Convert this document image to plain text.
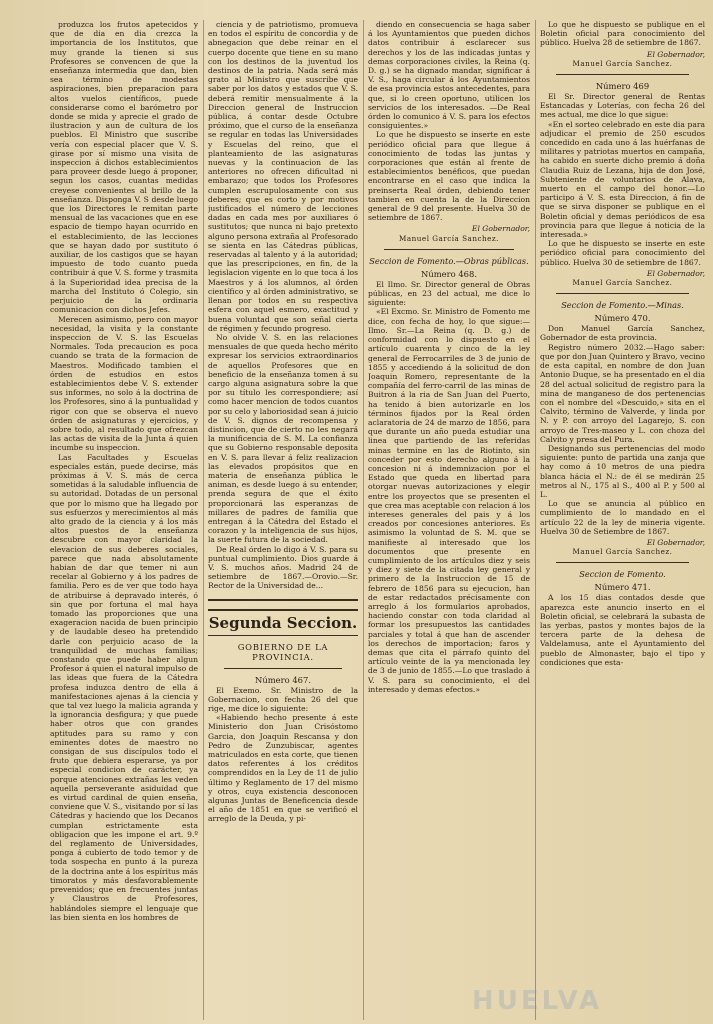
produzca los frutos apetecidos y que de dia en dia crezca la importancia de los Institutos, que muy grande la tienen si sus Profesores se convencen de que la enseñanza intermedia que dan, bien sea término de modestas aspiraciones, bien preparacion para altos vuelos científicos, puede considerarse como el barómetro por donde se mida y aprecie el grado de ilustracion y aun de cultura de los pueblos. El Ministro que suscribe vería con especial placer que V. S. girase por sí mismo una visita de inspeccion á dichos establecimientos para proveer desde luego á proponer, segun los casos, cuantas medidas creyese convenientes al brillo de la enseñanza. Disponga V. S desde luego que los Directores le remitan parte mensual de las vacaciones que en ese espacio de tiempo hayan ocurrido en el establecimiento, de las lecciones que se hayan dado por sustituto ó auxiliar, de los castigos que se hayan impuesto de todo cuanto pueda contribuir á que V. S. forme y trasmita á la Superioridad idea precisa de la marcha del Instituto ó Colegio, sin perjuicio de la ordinaria comunicacion con dichos Jefes.

Merecen asimismo, pero con mayor necesidad, la visita y la constante inspeccion de V. S. las Escuelas Normales. Toda precaucion es poca cuando se trata de la formacion de Maestros. Modificado tambien el órden de estudios en estos establecimientos debe V. S. extender sus informes, no solo á la doctrina de los Profesores, sino á la puntualidad y rigor con que se observa el nuevo órden de asignaturas y ejercicios, y sobre todo, al resultado que ofrezcan las actas de visita de la Junta á quien incumbe su inspeccion.

Las Facultades y Escuelas especiales están, puede decirse, más próximas á V. S. más de cerca sometidas á la saludable influencia de su autoridad. Dotadas de un personal que por lo mismo que ha llegado por sus esfuerzos y merecimientos al más alto grado de la ciencia y á los más altos puestos de la enseñanza descubre con mayor claridad la elevacion de sus deberes sociales, parece que nada absolutamente habian de dar que temer ni aun recelar al Gobierno y á los padres de familia. Pero es de ver que todo haya de atribuirse á depravado interés, ó sin que por fortuna el mal haya tomado las proporciones que una exageracion nacida de buen principio y de laudable deseo ha pretendido darle con perjuicio acaso de la tranquilidad de muchas familias; constando que puede haber algun Profesor á quien el natural impulso de las ideas que fuera de la Cátedra profesa induzca dentro de ella á manifestaciones ajenas á la ciencia y que tal vez luego la malicia agranda y la ignorancia desfigura; y que puede haber otros que con grandes aptitudes para su ramo y con eminentes dotes de maestro no consigan de sus discípulos todo el fruto que debiera esperarse, ya por especial condicion de carácter, ya porque atenciones extrañas les veden aquella perseverante asiduidad que es virtud cardinal de quien enseña, conviene que V. S., visitando por sí las Cátedras y haciendo que los Decanos cumplan estrictamente esta obligacion que les impone el art. 9.º del reglamento de Universidades, ponga á cubierto de todo temor y de toda sospecha en punto á la pureza de la doctrina ante á los espíritus más timoratos y más desfavorablemente prevenidos; que en frecuentes juntas y Claustros de Profesores, hablándoles siempre el lenguaje que las bien sienta en los hombres de

ciencia y de patriotismo, promueva en todos el espíritu de concordia y de abnegacion que debe reinar en el cuerpo docente que tiene en su mano con los destinos de la juventud los destinos de la patria. Nada será más grato al Ministro que suscribe que saber por los datos y estados que V. S. deberá remitir mensualmente á la Direccion general de Instruccion pública, á contar desde Octubre próximo, que el curso de la enseñanza se regular en todas las Universidades y Escuelas del reino, que el planteamiento de las asignaturas nuevas y la continuacion de las anteriores no ofrecen dificultad ni embarazo; que todos los Profesores cumplen escrupulosamente con sus deberes; que es corto y por motivos justificados el número de lecciones dadas en cada mes por auxiliares ó sustitutos; que nunca ni bajo pretexto alguno persona extraña al Profesorado se sienta en las Cátedras públicas, reservadas al talento y á la autoridad; que las prescripciones, en fin, de la legislacion vigente en lo que toca á los Maestros y á los alumnos, al órden científico y al órden administrativo, se llenan por todos en su respectiva esfera con aquel esmero, exactitud y buena voluntad que son señal cierta de régimen y fecundo progreso.

No olvide V. S. en las relaciones mensuales de que queda hecho mérito expresar los servicios extraordinarios de aquellos Profesores que en beneficio de la enseñanza tomen á su cargo alguna asignatura sobre la que por su título les correspondiere; así como hacer mencion de todos cuantos por su celo y laboriosidad sean á juicio de V. S. dignos de recompensa y distincion, que de cierto no les negará la munificencia de S. M. La confianza que su Gobierno responsable deposita en V. S. para llevar á feliz realizacion las elevados propósitos que en materia de enseñanza pública le animan, es desde luego á su entender, prenda segura de que el éxito proporcionará las esperanzas de millares de padres de familia que entregan á la Cátedra del Estado el corazon y la inteligencia de sus hijos, la suerte futura de la sociedad.

De Real órden lo digo á V. S. para su puntual cumplimiento. Dios guarde á V. S. muchos años. Madrid 24 de setiembre de 1867.—Orovio.—Sr. Rector de la Universidad de...

Segunda Seccion.
GOBIERNO DE LA PROVINCIA.
Número 467.

El Exemo. Sr. Ministro de la Gobernacion, con fecha 26 del que rige, me dice lo siguiente:

«Habiendo hecho presente á este Ministerio don Juan Crisóstomo Garcia, don Joaquin Rescansa y don Pedro de Zunzubiscar, agentes matriculados en esta corte, que tienen datos referentes á los créditos comprendidos en la Ley de 11 de julio último y Reglamento de 17 del mismo y otros, cuya existencia desconocen algunas Juntas de Beneficencia desde el año de 1851 en que se verificó el arreglo de la Deuda, y pi-

diendo en consecuencia se haga saber á los Ayuntamientos que pueden dichos datos contribuir á esclarecer sus derechos y los de las indicadas juntas y demas corporaciones civiles, la Reina (q. D. g.) se ha dignado mandar, significar á V. S., haga circular á los Ayuntamientos de esa provincia estos antecedentes, para que, si lo creen oportuno, utilicen los servicios de los interesados. —De Real órden lo comunico á V. S. para los efectos consiguientes.»

Lo que he dispuesto se inserte en este periódico oficial para que llegue á conocimiento de todas las juntas y corporaciones que están al frente de establecimientos benéficos, que puedan encontrarse en el caso que indica la preinserta Real órden, debiendo tener tambien en cuenta la de la Direccion general de 9 del presente. Huelva 30 de setiembre de 1867.

El Gobernador,
Manuel García Sanchez.
Seccion de Fomento.—Obras públicas.
Número 468.

El Ilmo. Sr. Director general de Obras públicas, en 23 del actual, me dice lo siguiente:

«El Excmo. Sr. Ministro de Fomento me dice, con fecha de hoy, lo que sigue:—Ilmo. Sr.—La Reina (q. D. g.) de conformidad con lo dispuesto en el artículo cuarenta y cinco de la ley general de Ferrocarriles de 3 de junio de 1855 y accediendo á la solicitud de don Joaquin Romero, representante de la compañía del ferro-carril de las minas de Buitron á la ria de San Juan del Puerto, ha tenido á bien autorizarle en los términos fijados por la Real órden aclaratoria de 24 de marzo de 1856, para que durante un año pueda estudiar una linea que partiendo de las referidas minas termine en las de Riotinto, sin conceder por esto derecho alguno á la concesion ni á indemnizacion por el Estado que queda en libertad para otorgar nuevas autorizaciones y elegir entre los proyectos que se presenten el que crea mas aceptable con relacion á los intereses generales del pais y á los creados por concesiones anteriores. Es asimismo la voluntad de S. M. que se manifieste al interesado que los documentos que presente en cumplimiento de los artículos diez y seis y diez y siete de la citada ley general y primero de la Instruccion de 15 de febrero de 1856 para su ejecucion, han de estar redactados précisamente con arreglo á los formularios aprobados, haciendo constar con toda claridad al formar los presupuestos las cantidades parciales y total á que han de ascender los derechos de importacion; faros y demas que cita el párrafo quinto del artículo veinte de la ya mencionada ley de 3 de junio de 1855.—Lo que traslado á V. S. para su conocimiento, el del interesado y demas efectos.»

Lo que he dispuesto se publique en el Boletin oficial para conocimiento del público. Huelva 28 de setiembre de 1867.

El Gobernador,
Manuel García Sanchez.
Número 469

El Sr. Director general de Rentas Estancadas y Loterías, con fecha 26 del mes actual, me dice lo que sigue:

«En el sorteo celebrado en este dia para adjudicar el premio de 250 escudos concedido en cada uno á las huérfanas de militares y patriotas muertos en campaña, ha cabido en suerte dicho premio á doña Claudia Ruiz de Lezana, hija de don José, Subteniente de voluntarios de Alava, muerto en el campo del honor.—Lo participo á V. S. esta Direccion, á fin de que se sirva disponer se publique en el Boletin oficial y demas periódicos de esa provincia para que llegue á noticia de la interesada.»

Lo que he dispuesto se inserte en este periódico oficial para conocimiento del público. Huelva 30 de setiembre de 1867.

El Gobernador,
Manuel García Sanchez.
Seccion de Fomento.—Minas.
Número 470.

Don Manuel García Sanchez, Gobernador de esta provincia.

Registro número 2032.—Hago saber: que por don Juan Quintero y Bravo, vecino de esta capital, en nombre de don Juan Antonio Duque, se ha presentado en el dia 28 del actual solicitud de registro para la mina de manganeso de dos pertenencias con el nombre del «Descuido,» sita en el Calvito, término de Valverde, y linda por N. y P. con arroyo del Lagarejo, S. con arroyo de Tres-maseo y L. con choza del Calvito y presa del Pura.

Designando sus pertenencias del modo siguiente: punto de partida una zanja que hay como á 10 metros de una piedra blanca hácia el N.: de él se medirán 25 metros al N., 175 al S., 400 al P. y 500 al L.

Lo que se anuncia al público en cumplimiento de lo mandado en el artículo 22 de la ley de mineria vigente. Huelva 30 de Setiembre de 1867.

El Gobernador,
Manuel García Sanchez.
Seccion de Fomento.
Número 471.

A los 15 dias contados desde que aparezca este anuncio inserto en el Boletin oficial, se celebrará la subasta de las yerbas, pastos y montes bajos de la tercera parte de la dehesa de Valdelamusa, ante el Ayuntamiento del pueblo de Almonaster, bajo el tipo y condiciones que esta-

HUELVA
